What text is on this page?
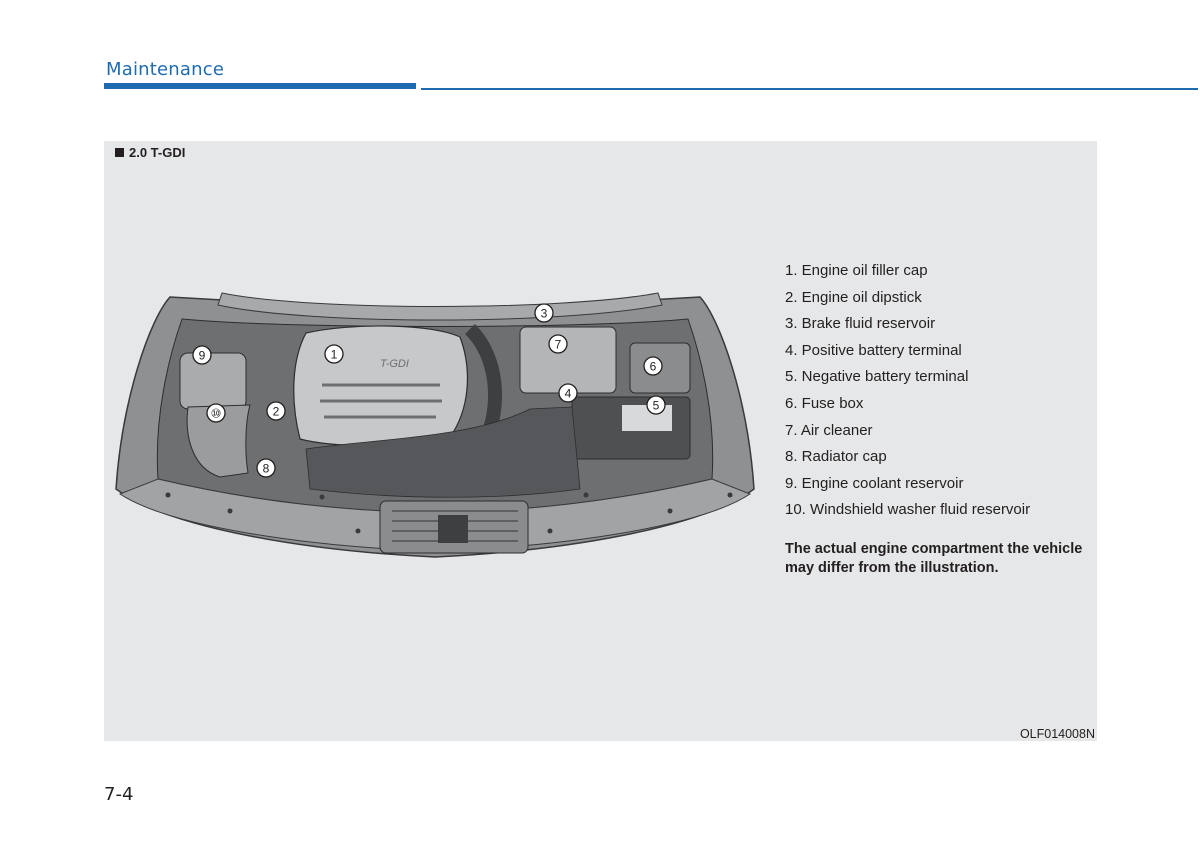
Maintenance
2.0 T-GDI
T-GDI
1
2
3
4
5
6
7
8
⑩
9
1. Engine oil filler cap
2. Engine oil dipstick
3. Brake fluid reservoir
4. Positive battery terminal
5. Negative battery terminal
6. Fuse box
7. Air cleaner
8. Radiator cap
9. Engine coolant reservoir
10. Windshield washer fluid reservoir
The actual engine compartment the vehicle may differ from the illustration.
OLF014008N
7-4
